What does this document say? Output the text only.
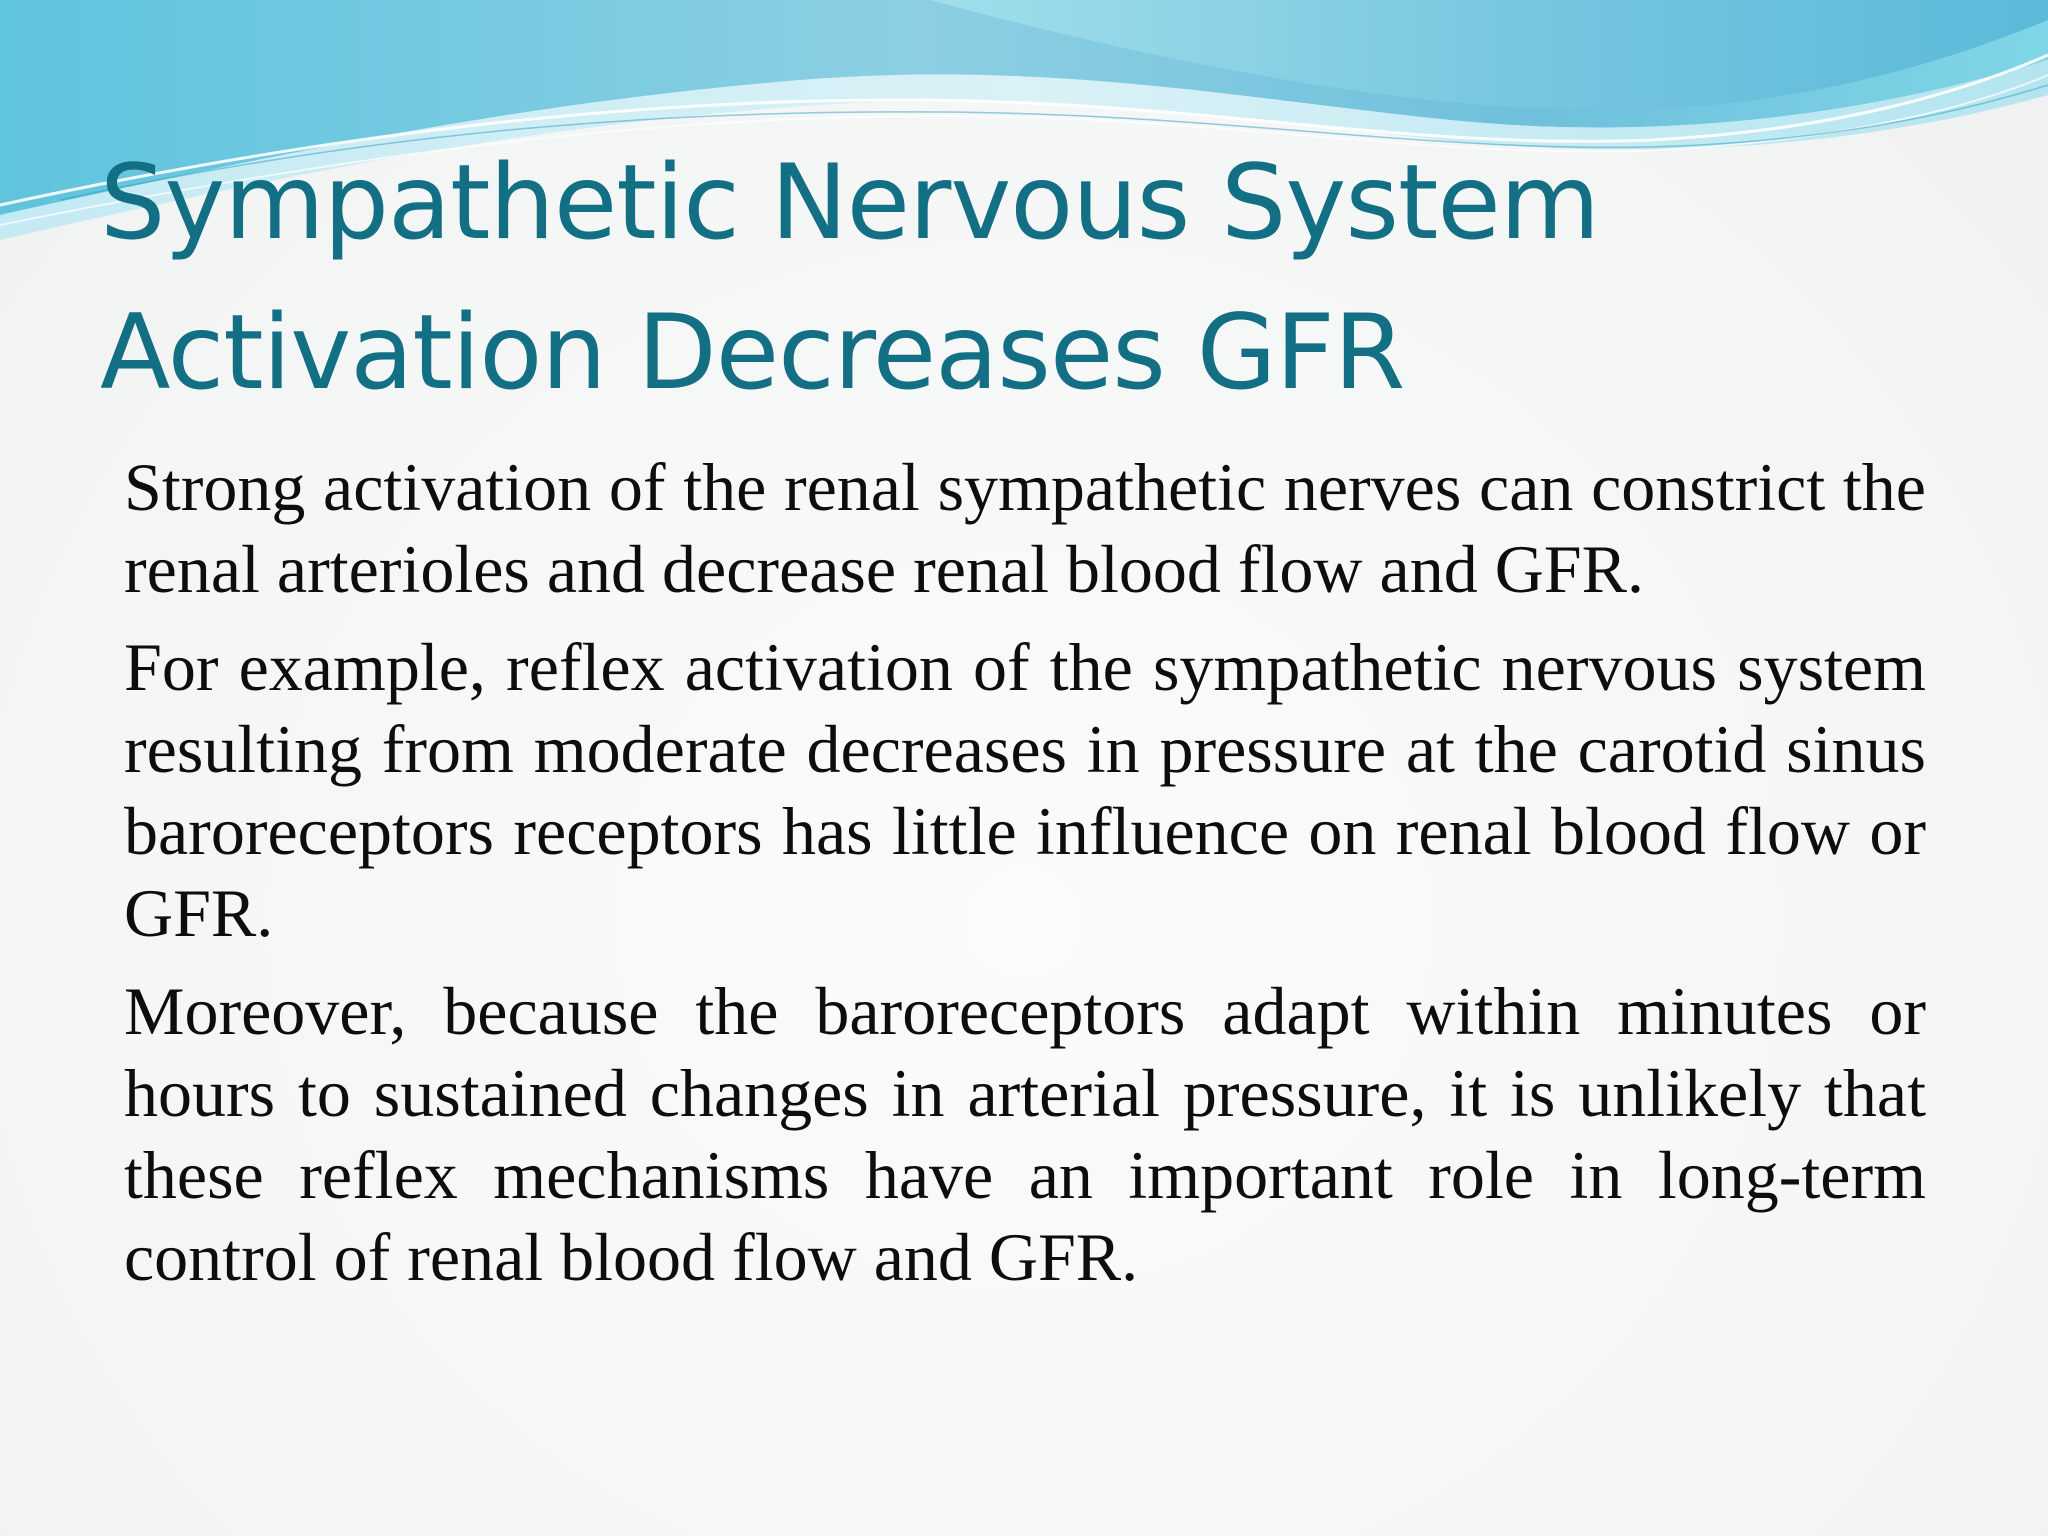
Sympathetic Nervous System
Activation Decreases GFR

Strong activation of the renal sympathetic nerves can constrict the renal arterioles and decrease renal blood flow and GFR.

For example, reflex activation of the sympathetic nervous system resulting from moderate decreases in pressure at the carotid sinus baroreceptors receptors has little influence on renal blood flow or GFR.

Moreover, because the baroreceptors adapt within minutes or hours to sustained changes in arterial pressure, it is unlikely that these reflex mechanisms have an important role in long-term control of renal blood flow and GFR.
